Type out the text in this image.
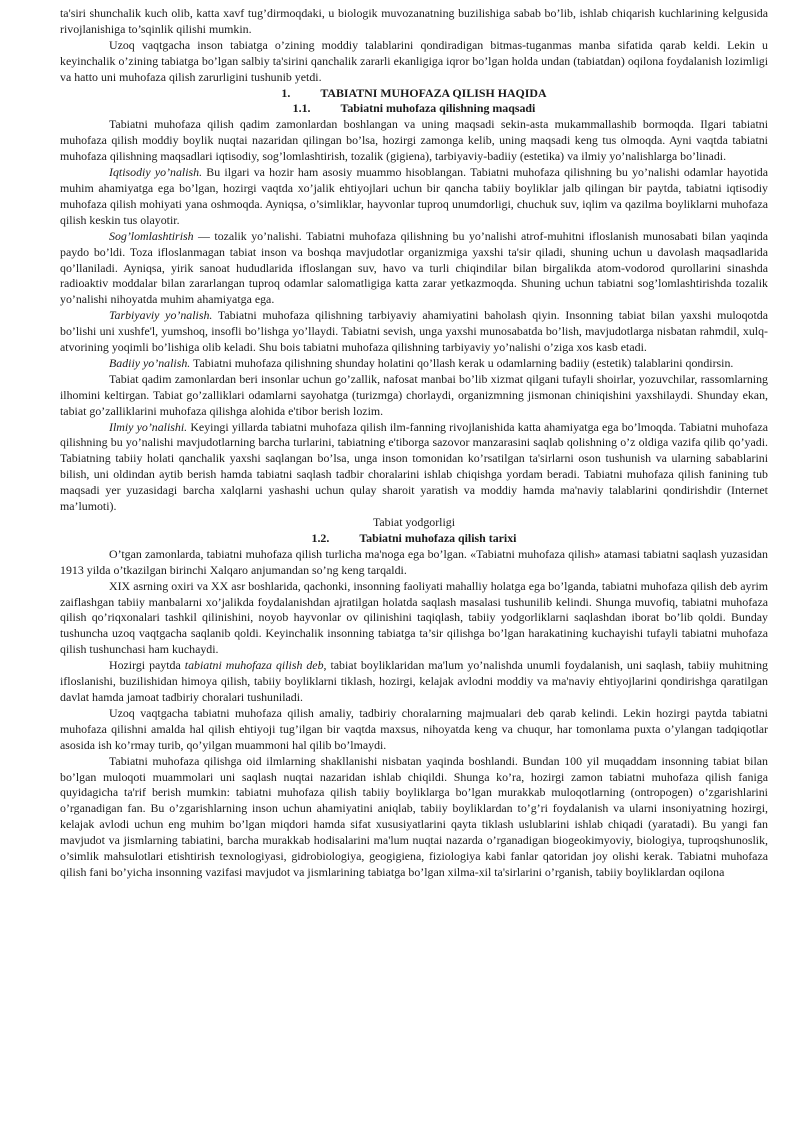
ta'siri shunchalik kuch olib, katta xavf tug’dirmoqdaki, u biologik muvozanatning buzilishiga sabab bo’lib, ishlab chiqarish kuchlarining kelgusida rivojlanishiga to’sqinlik qilishi mumkin.

Uzoq vaqtgacha inson tabiatga o’zining moddiy talablarini qondiradigan bitmas-tuganmas manba sifatida qarab keldi. Lekin u keyinchalik o’zining tabiatga bo’lgan salbiy ta'sirini qanchalik zararli ekanligiga iqror bo’lgan holda undan (tabiatdan) oqilona foydalanish lozimligi va hatto uni muhofaza qilish zarurligini tushunib yetdi.

1.	TABIATNI MUHOFAZA QILISH HAQIDA

1.1.	Tabiatni muhofaza qilishning maqsadi

Tabiatni muhofaza qilish qadim zamonlardan boshlangan va uning maqsadi sekin-asta mukammallashib bormoqda. Ilgari tabiatni muhofaza qilish moddiy boylik nuqtai nazaridan qilingan bo’lsa, hozirgi zamonga kelib, uning maqsadi keng tus olmoqda. Ayni vaqtda tabiatni muhofaza qilishning maqsadlari iqtisodiy, sog’lomlashtirish, tozalik (gigiena), tarbiyaviy-badiiy (estetika) va ilmiy yo’nalishlarga bo’linadi.

Iqtisodiy yo’nalish. Bu ilgari va hozir ham asosiy muammo hisoblangan. Tabiatni muhofaza qilishning bu yo’nalishi odamlar hayotida muhim ahamiyatga ega bo’lgan, hozirgi vaqtda xo’jalik ehtiyojlari uchun bir qancha tabiiy boyliklar jalb qilingan bir paytda, tabiatni iqtisodiy muhofaza qilish mohiyati yana oshmoqda. Ayniqsa, o’simliklar, hayvonlar tuproq unumdorligi, chuchuk suv, iqlim va qazilma boyliklarni muhofaza qilish keskin tus olayotir.

Sog’lomlashtirish — tozalik yo’nalishi. Tabiatni muhofaza qilishning bu yo’nalishi atrof-muhitni ifloslanish munosabati bilan yaqinda paydo bo’ldi. Toza ifloslanmagan tabiat inson va boshqa mavjudotlar organizmiga yaxshi ta'sir qiladi, shuning uchun u davolash maqsadlarida qo’llaniladi. Ayniqsa, yirik sanoat hududlarida ifloslangan suv, havo va turli chiqindilar bilan birgalikda atom-vodorod qurollarini sinashda radioaktiv moddalar bilan zararlangan tuproq odamlar salomatligiga katta zarar yetkazmoqda. Shuning uchun tabiatni sog’lomlashtirishda tozalik yo’nalishi nihoyatda muhim ahamiyatga ega.

Tarbiyaviy yo’nalish. Tabiatni muhofaza qilishning tarbiyaviy ahamiyatini baholash qiyin. Insonning tabiat bilan yaxshi muloqotda bo’lishi uni xushfe'l, yumshoq, insofli bo’lishga yo’llaydi. Tabiatni sevish, unga yaxshi munosabatda bo’lish, mavjudotlarga nisbatan rahmdil, xulq-atvorining yoqimli bo’lishiga olib keladi. Shu bois tabiatni muhofaza qilishning tarbiyaviy yo’nalishi o’ziga xos kasb etadi.

Badiiy yo’nalish. Tabiatni muhofaza qilishning shunday holatini qo’llash kerak u odamlarning badiiy (estetik) talablarini qondirsin.

Tabiat qadim zamonlardan beri insonlar uchun go’zallik, nafosat manbai bo’lib xizmat qilgani tufayli shoirlar, yozuvchilar, rassomlarning ilhomini keltirgan. Tabiat go’zalliklari odamlarni sayohatga (turizmga) chorlaydi, organizmning jismonan chiniqishini yaxshilaydi. Shunday ekan, tabiat go’zalliklarini muhofaza qilishga alohida e'tibor berish lozim.

Ilmiy yo’nalishi. Keyingi yillarda tabiatni muhofaza qilish ilm-fanning rivojlanishida katta ahamiyatga ega bo’lmoqda. Tabiatni muhofaza qilishning bu yo’nalishi mavjudotlarning barcha turlarini, tabiatning e'tiborga sazovor manzarasini saqlab qolishning o’z oldiga vazifa qilib qo’yadi. Tabiatning tabiiy holati qanchalik yaxshi saqlangan bo’lsa, unga inson tomonidan ko’rsatilgan ta'sirlarni oson tushunish va ularning sabablarini bilish, uni oldindan aytib berish hamda tabiatni saqlash tadbir choralarini ishlab chiqishga yordam beradi. Tabiatni muhofaza qilish fanining tub maqsadi yer yuzasidagi barcha xalqlarni yashashi uchun qulay sharoit yaratish va moddiy hamda ma'naviy talablarini qondirishdir (Internet ma’lumoti).

Tabiat yodgorligi

1.2.	Tabiatni muhofaza qilish tarixi

O’tgan zamonlarda, tabiatni muhofaza qilish turlicha ma'noga ega bo’lgan. «Tabiatni muhofaza qilish» atamasi tabiatni saqlash yuzasidan 1913 yilda o’tkazilgan birinchi Xalqaro anjumandan so’ng keng tarqaldi.

XIX asrning oxiri va XX asr boshlarida, qachonki, insonning faoliyati mahalliy holatga ega bo’lganda, tabiatni muhofaza qilish deb ayrim zaiflashgan tabiiy manbalarni xo’jalikda foydalanishdan ajratilgan holatda saqlash masalasi tushunilib kelindi. Shunga muvofiq, tabiatni muhofaza qilish qo’riqxonalari tashkil qilinishini, noyob hayvonlar ov qilinishini taqiqlash, tabiiy yodgorliklarni saqlashdan iborat bo’lib qoldi. Bunday tushuncha uzoq vaqtgacha saqlanib qoldi. Keyinchalik insonning tabiatga ta’sir qilishga bo’lgan harakatining kuchayishi tufayli tabiatni muhofaza qilish tushunchasi ham kuchaydi.

Hozirgi paytda tabiatni muhofaza qilish deb, tabiat boyliklaridan ma'lum yo’nalishda unumli foydalanish, uni saqlash, tabiiy muhitning ifloslanishi, buzilishidan himoya qilish, tabiiy boyliklarni tiklash, hozirgi, kelajak avlodni moddiy va ma'naviy ehtiyojlarini qondirishga qaratilgan davlat hamda jamoat tadbiriy choralari tushuniladi.

Uzoq vaqtgacha tabiatni muhofaza qilish amaliy, tadbiriy choralarning majmualari deb qarab kelindi. Lekin hozirgi paytda tabiatni muhofaza qilishni amalda hal qilish ehtiyoji tug’ilgan bir vaqtda maxsus, nihoyatda keng va chuqur, har tomonlama puxta o’ylangan tadqiqotlar asosida ish ko’rmay turib, qo’yilgan muammoni hal qilib bo’lmaydi.

Tabiatni muhofaza qilishga oid ilmlarning shakllanishi nisbatan yaqinda boshlandi. Bundan 100 yil muqaddam insonning tabiat bilan bo’lgan muloqoti muammolari uni saqlash nuqtai nazaridan ishlab chiqildi. Shunga ko’ra, hozirgi zamon tabiatni muhofaza qilish faniga quyidagicha ta'rif berish mumkin: tabiatni muhofaza qilish tabiiy boyliklarga bo’lgan murakkab muloqotlarning (ontropogen) o’zgarishlarini o’rganadigan fan. Bu o’zgarishlarning inson uchun ahamiyatini aniqlab, tabiiy boyliklardan to’g’ri foydalanish va ularni insoniyatning hozirgi, kelajak avlodi uchun eng muhim bo’lgan miqdori hamda sifat xususiyatlarini qayta tiklash uslublarini ishlab chiqadi (yaratadi). Bu yangi fan mavjudot va jismlarning tabiatini, barcha murakkab hodisalarini ma'lum nuqtai nazarda o’rganadigan biogeokimyoviy, biologiya, tuproqshunoslik, o’simlik mahsulotlari etishtirish texnologiyasi, gidrobiologiya, geogigiena, fiziologiya kabi fanlar qatoridan joy olishi kerak. Tabiatni muhofaza qilish fani bo’yicha insonning vazifasi mavjudot va jismlarining tabiatga bo’lgan xilma-xil ta'sirlarini o’rganish, tabiiy boyliklardan oqilona
